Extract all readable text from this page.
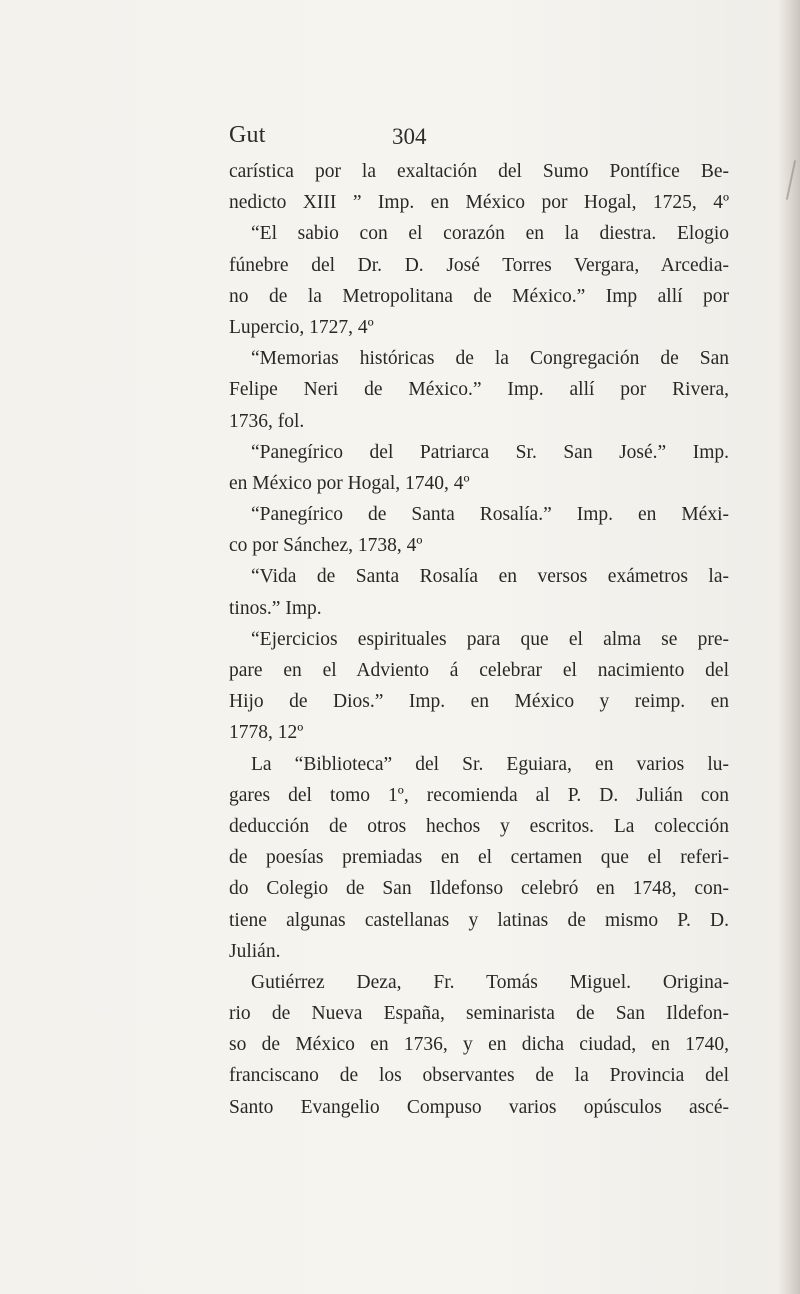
Gut	304
carística por la exaltación del Sumo Pontífice Be-
nedicto XIII ” Imp. en México por Hogal, 1725, 4º
“El sabio con el corazón en la diestra. Elogio
fúnebre del Dr. D. José Torres Vergara, Arcedia-
no de la Metropolitana de México.” Imp allí por
Lupercio, 1727, 4º
“Memorias históricas de la Congregación de San
Felipe Neri de México.” Imp. allí por Rivera,
1736, fol.
“Panegírico del Patriarca Sr. San José.” Imp.
en México por Hogal, 1740, 4º
“Panegírico de Santa Rosalía.” Imp. en Méxi-
co por Sánchez, 1738, 4º
“Vida de Santa Rosalía en versos exámetros la-
tinos.” Imp.
“Ejercicios espirituales para que el alma se pre-
pare en el Adviento á celebrar el nacimiento del
Hijo de Dios.” Imp. en México y reimp. en
1778, 12º
La “Biblioteca” del Sr. Eguiara, en varios lu-
gares del tomo 1º, recomienda al P. D. Julián con
deducción de otros hechos y escritos. La colección
de poesías premiadas en el certamen que el referi-
do Colegio de San Ildefonso celebró en 1748, con-
tiene algunas castellanas y latinas de mismo P. D.
Julián.
Gutiérrez Deza, Fr. Tomás Miguel. Origina-
rio de Nueva España, seminarista de San Ildefon-
so de México en 1736, y en dicha ciudad, en 1740,
franciscano de los observantes de la Provincia del
Santo Evangelio Compuso varios opúsculos ascé-
